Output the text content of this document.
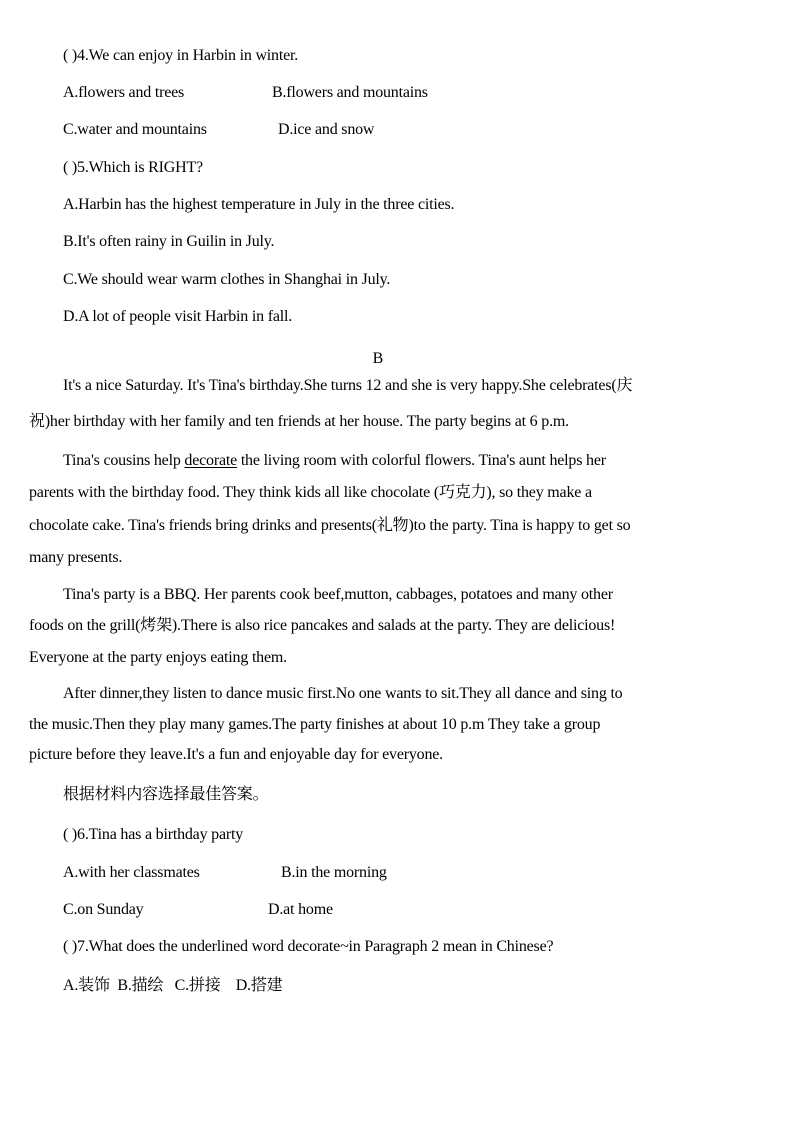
( )4.We can enjoy in Harbin in winter.
A.flowers and trees	B.flowers and mountains
C.water and mountains	D.ice and snow
( )5.Which is RIGHT?
A.Harbin has the highest temperature in July in the three cities.
B.It's often rainy in Guilin in July.
C.We should wear warm clothes in Shanghai in July.
D.A lot of people visit Harbin in fall.
B
It's a nice Saturday. It's Tina's birthday.She turns 12 and she is very happy.She celebrates(庆
祝)her birthday with her family and ten friends at her house. The party begins at 6 p.m.
Tina's cousins help decorate the living room with colorful flowers. Tina's aunt helps her
parents with the birthday food. They think kids all like chocolate (巧克力), so they make a
chocolate cake. Tina's friends bring drinks and presents(礼物)to the party. Tina is happy to get so
many presents.
Tina's party is a BBQ. Her parents cook beef,mutton, cabbages, potatoes and many other
foods on the grill(烤架).There is also rice pancakes and salads at the party. They are delicious!
Everyone at the party enjoys eating them.
After dinner,they listen to dance music first.No one wants to sit.They all dance and sing to
the music.Then they play many games.The party finishes at about 10 p.m They take a group
picture before they leave.It's a fun and enjoyable day for everyone.
根据材料内容选择最佳答案。
( )6.Tina has a birthday party
A.with her classmates	B.in the morning
C.on Sunday	D.at home
( )7.What does the underlined word decorate~in Paragraph 2 mean in Chinese?
A.装饰  B.描绘   C.拼接    D.搭建
